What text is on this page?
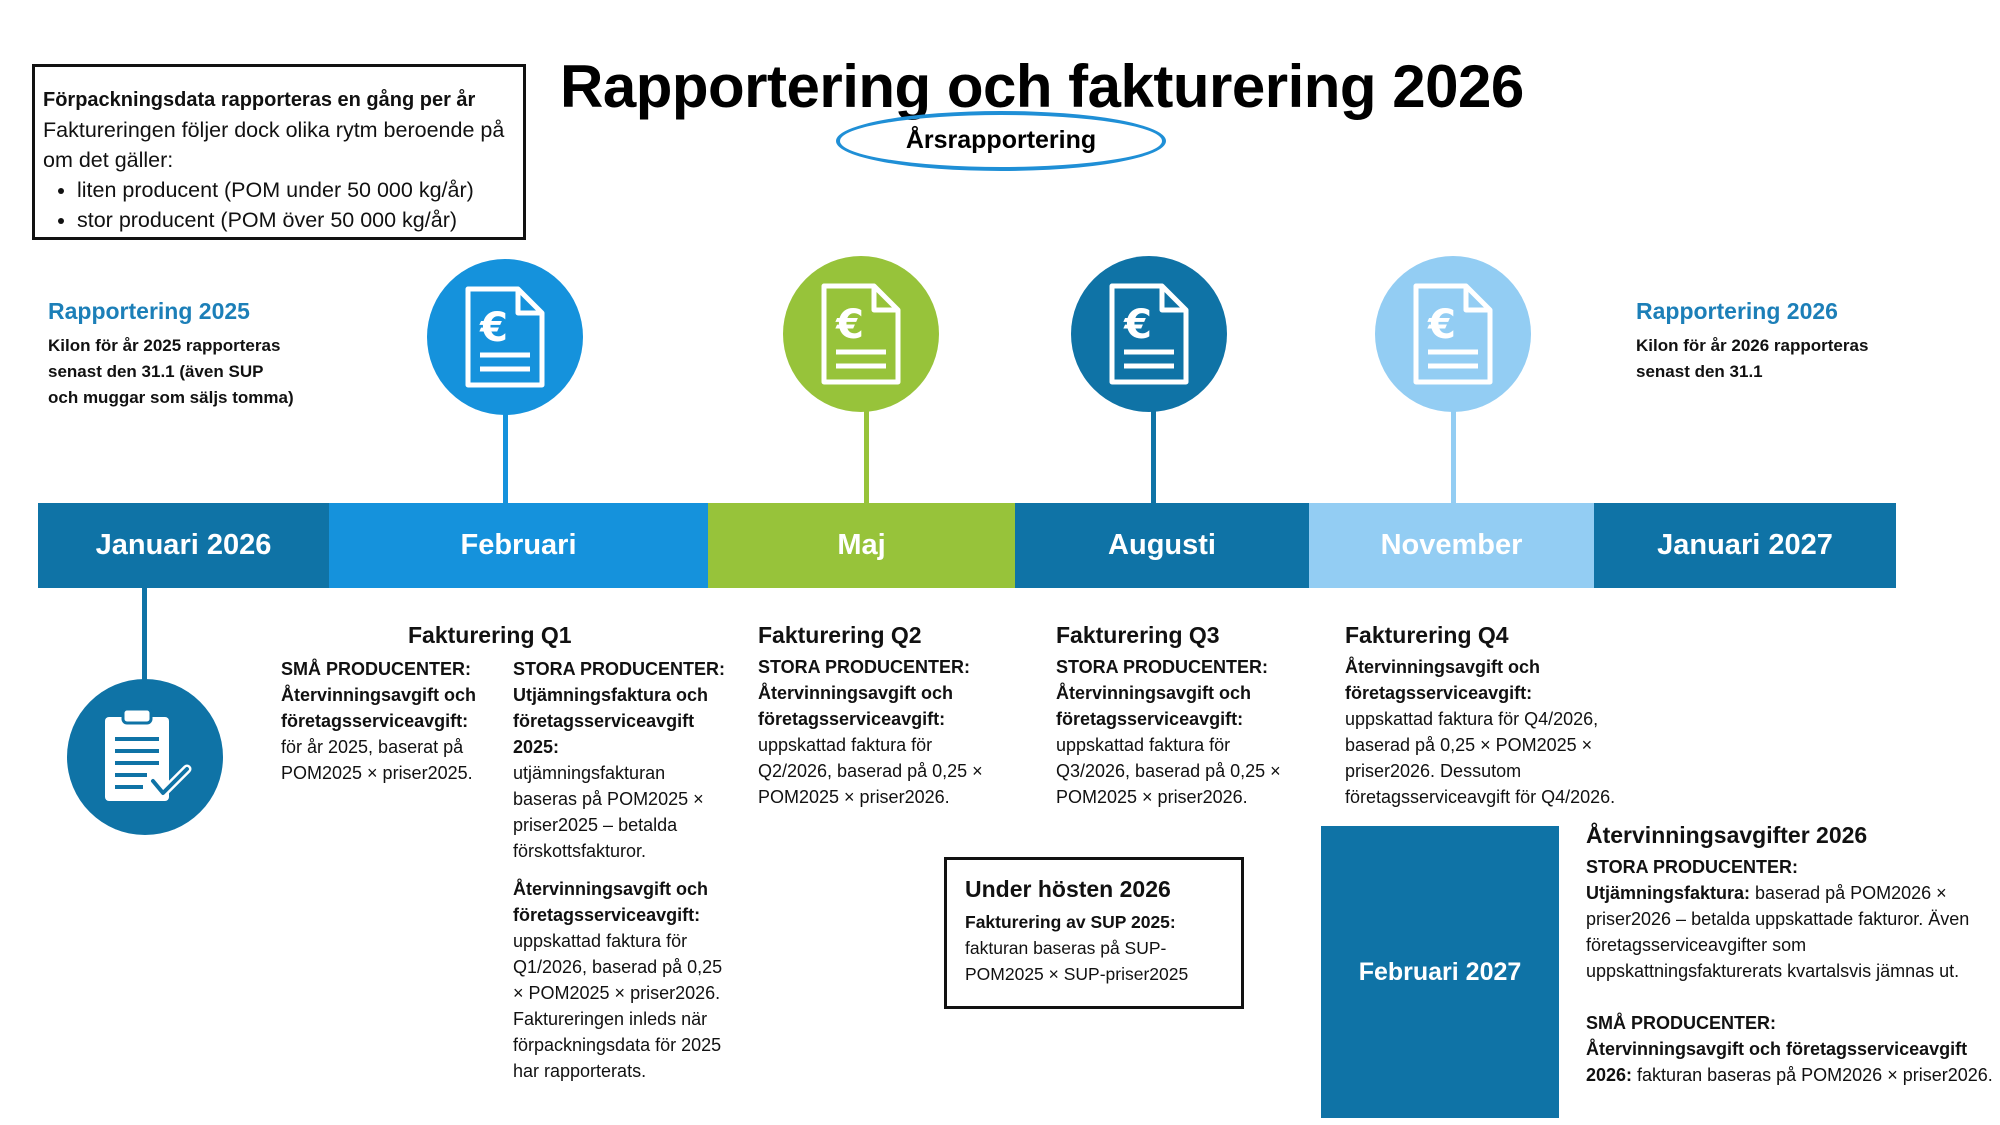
Rapportering och fakturering 2026
Årsrapportering
Förpackningsdata rapporteras en gång per år
Faktureringen följer dock olika rytm beroende på om det gäller:
• liten producent (POM under 50 000 kg/år)
• stor producent (POM över 50 000 kg/år)
Rapportering 2025
Kilon för år 2025 rapporteras senast den 31.1 (även SUP och muggar som säljs tomma)
Rapportering 2026
Kilon för år 2026 rapporteras senast den 31.1
€	€	€	€
Januari 2026	Februari	Maj	Augusti	November	Januari 2027
Fakturering Q1
SMÅ PRODUCENTER:
Återvinningsavgift och företagsserviceavgift:
för år 2025, baserat på POM2025 × priser2025.
STORA PRODUCENTER:
Utjämningsfaktura och företagsserviceavgift 2025:
utjämningsfakturan baseras på POM2025 × priser2025 – betalda förskottsfakturor.
Återvinningsavgift och företagsserviceavgift:
uppskattad faktura för Q1/2026, baserad på 0,25 × POM2025 × priser2026. Faktureringen inleds när förpackningsdata för 2025 har rapporterats.
Fakturering Q2
STORA PRODUCENTER:
Återvinningsavgift och företagsserviceavgift:
uppskattad faktura för Q2/2026, baserad på 0,25 × POM2025 × priser2026.
Fakturering Q3
STORA PRODUCENTER:
Återvinningsavgift och företagsserviceavgift:
uppskattad faktura för Q3/2026, baserad på 0,25 × POM2025 × priser2026.
Fakturering Q4
Återvinningsavgift och företagsserviceavgift:
uppskattad faktura för Q4/2026, baserad på 0,25 × POM2025 × priser2026. Dessutom företagsserviceavgift för Q4/2026.
Under hösten 2026
Fakturering av SUP 2025:
fakturan baseras på SUP-POM2025 × SUP-priser2025	Februari 2027
Återvinningsavgifter 2026
STORA PRODUCENTER:
Utjämningsfaktura: baserad på POM2026 × priser2026 – betalda uppskattade fakturor. Även företagsserviceavgifter som uppskattningsfakturerats kvartalsvis jämnas ut.
SMÅ PRODUCENTER:
Återvinningsavgift och företagsserviceavgift 2026: fakturan baseras på POM2026 × priser2026.
